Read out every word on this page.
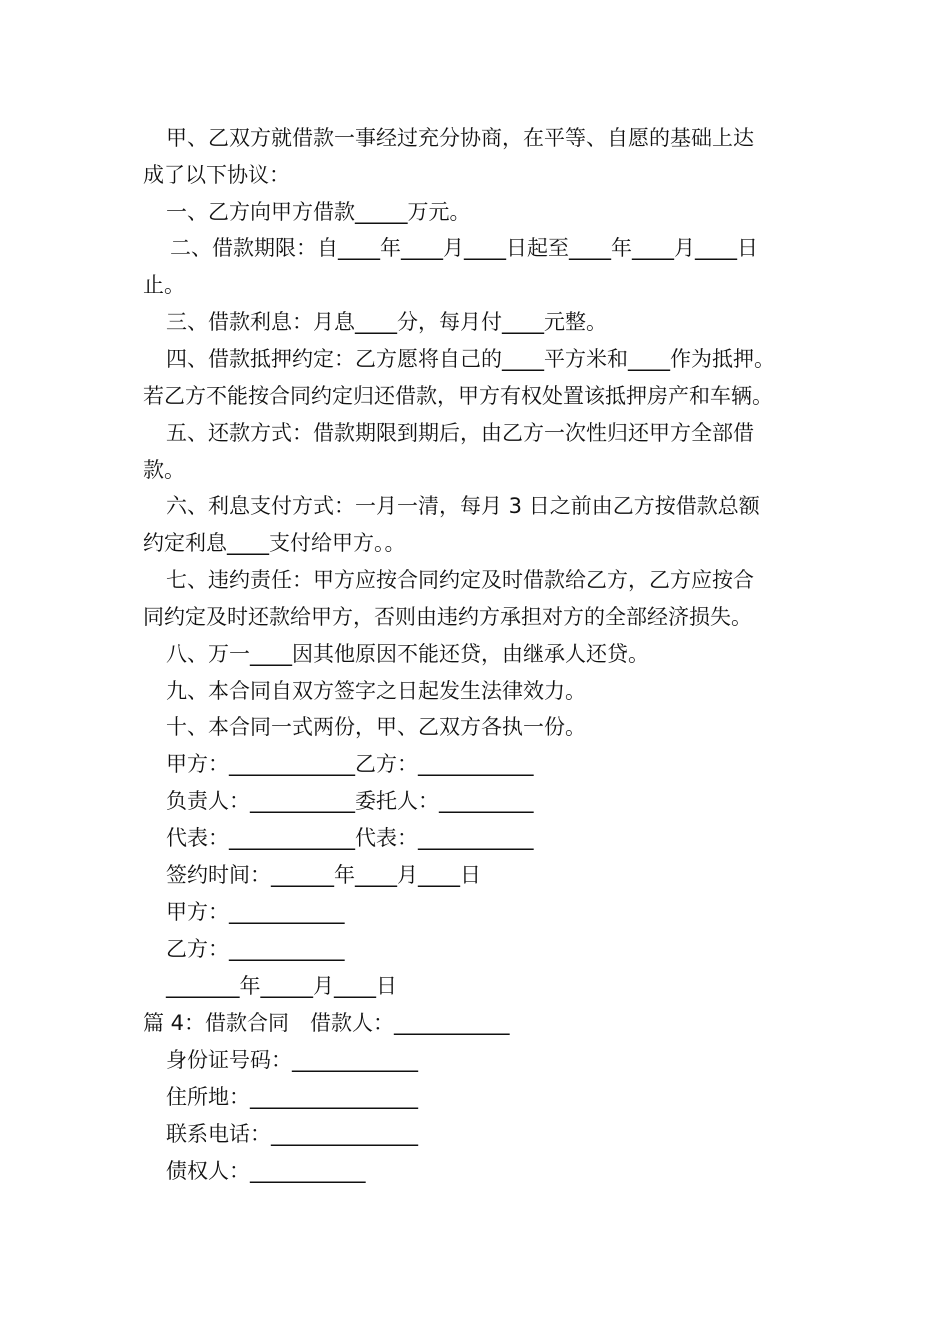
甲、乙双方就借款一事经过充分协商，在平等、自愿的基础上达
成了以下协议：
一、乙方向甲方借款_____万元。
二、借款期限：自____年____月____日起至____年____月____日
止。
三、借款利息：月息____分，每月付____元整。
四、借款抵押约定：乙方愿将自己的____平方米和____作为抵押。
若乙方不能按合同约定归还借款，甲方有权处置该抵押房产和车辆。
五、还款方式：借款期限到期后，由乙方一次性归还甲方全部借
款。
六、利息支付方式：一月一清，每月 3 日之前由乙方按借款总额
约定利息____支付给甲方。。
七、违约责任：甲方应按合同约定及时借款给乙方，乙方应按合
同约定及时还款给甲方，否则由违约方承担对方的全部经济损失。
八、万一____因其他原因不能还贷，由继承人还贷。
九、本合同自双方签字之日起发生法律效力。
十、本合同一式两份，甲、乙双方各执一份。
甲方：____________乙方：___________
负责人：__________委托人：_________
代表：____________代表：___________
签约时间：______年____月____日
甲方：___________
乙方：___________
_______年_____月____日
篇 4：借款合同　借款人：___________
身份证号码：____________
住所地：________________
联系电话：______________
债权人：___________
